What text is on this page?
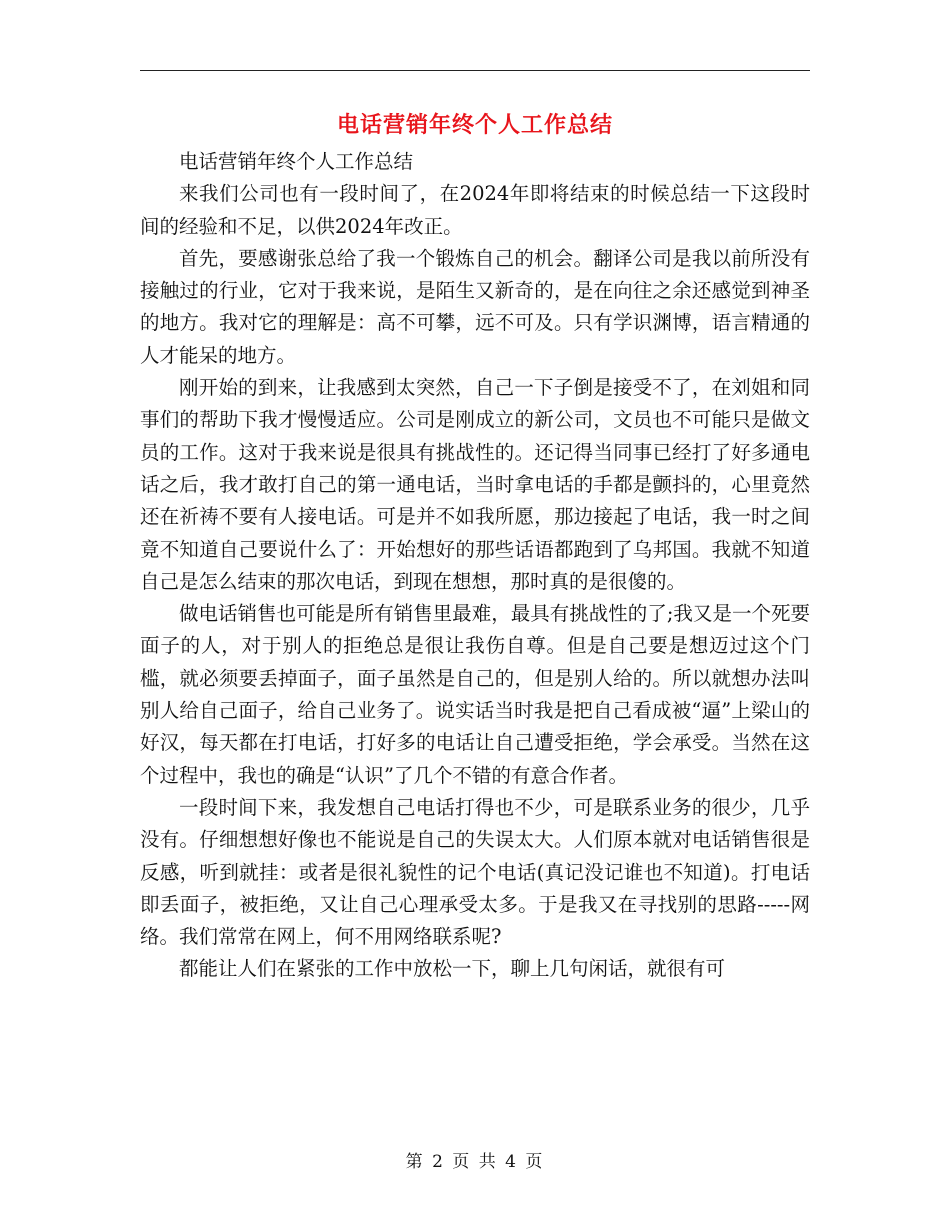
电话营销年终个人工作总结

电话营销年终个人工作总结

来我们公司也有一段时间了，在2024年即将结束的时候总结一下这段时间的经验和不足，以供2024年改正。

首先，要感谢张总给了我一个锻炼自己的机会。翻译公司是我以前所没有接触过的行业，它对于我来说，是陌生又新奇的，是在向往之余还感觉到神圣的地方。我对它的理解是：高不可攀，远不可及。只有学识渊博，语言精通的人才能呆的地方。

刚开始的到来，让我感到太突然，自己一下子倒是接受不了，在刘姐和同事们的帮助下我才慢慢适应。公司是刚成立的新公司，文员也不可能只是做文员的工作。这对于我来说是很具有挑战性的。还记得当同事已经打了好多通电话之后，我才敢打自己的第一通电话，当时拿电话的手都是颤抖的，心里竟然还在祈祷不要有人接电话。可是并不如我所愿，那边接起了电话，我一时之间竟不知道自己要说什么了：开始想好的那些话语都跑到了乌邦国。我就不知道自己是怎么结束的那次电话，到现在想想，那时真的是很傻的。

做电话销售也可能是所有销售里最难，最具有挑战性的了;我又是一个死要面子的人，对于别人的拒绝总是很让我伤自尊。但是自己要是想迈过这个门槛，就必须要丢掉面子，面子虽然是自己的，但是别人给的。所以就想办法叫别人给自己面子，给自己业务了。说实话当时我是把自己看成被“逼”上梁山的好汉，每天都在打电话，打好多的电话让自己遭受拒绝，学会承受。当然在这个过程中，我也的确是“认识”了几个不错的有意合作者。

一段时间下来，我发想自己电话打得也不少，可是联系业务的很少，几乎没有。仔细想想好像也不能说是自己的失误太大。人们原本就对电话销售很是反感，听到就挂：或者是很礼貌性的记个电话(真记没记谁也不知道)。打电话即丢面子，被拒绝，又让自己心理承受太多。于是我又在寻找别的思路-----网络。我们常常在网上，何不用网络联系呢?

都能让人们在紧张的工作中放松一下，聊上几句闲话，就很有可

第 2 页 共 4 页
